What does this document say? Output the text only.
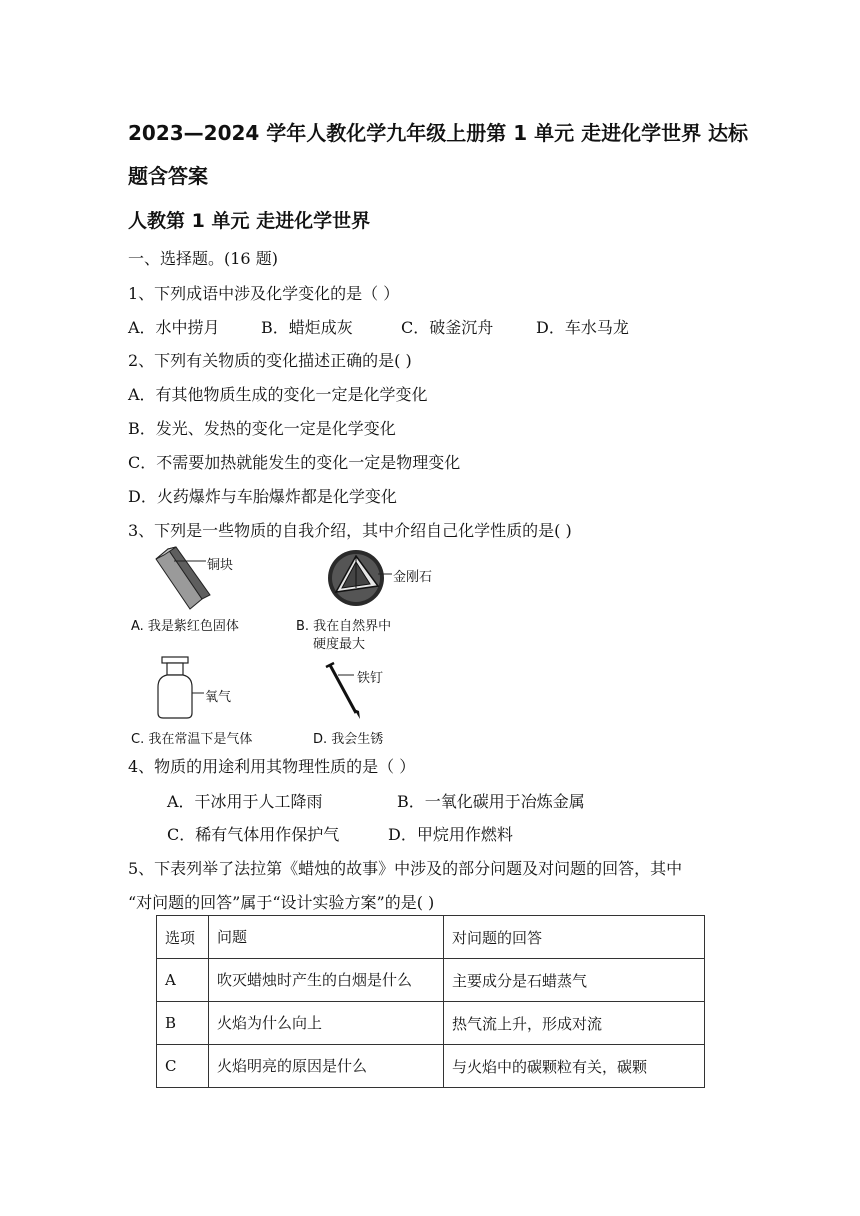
2023—2024 学年人教化学九年级上册第 1 单元 走进化学世界 达标
题含答案
人教第 1 单元 走进化学世界
一、选择题。(16 题)
1、下列成语中涉及化学变化的是（ ）
A．水中捞月	B．蜡炬成灰	C．破釜沉舟	D．车水马龙
2、下列有关物质的变化描述正确的是( )
A．有其他物质生成的变化一定是化学变化
B．发光、发热的变化一定是化学变化
C．不需要加热就能发生的变化一定是物理变化
D．火药爆炸与车胎爆炸都是化学变化
3、下列是一些物质的自我介绍，其中介绍自己化学性质的是( )
铜块
A. 我是紫红色固体
金刚石
B. 我在自然界中
硬度最大
氧气
C. 我在常温下是气体
铁钉
D. 我会生锈
4、物质的用途利用其物理性质的是（ ）
A．干冰用于人工降雨	B．一氧化碳用于冶炼金属
C．稀有气体用作保护气	D．甲烷用作燃料
5、下表列举了法拉第《蜡烛的故事》中涉及的部分问题及对问题的回答，其中
“对问题的回答”属于“设计实验方案”的是( )
选项	问题	对问题的回答
A	吹灭蜡烛时产生的白烟是什么	主要成分是石蜡蒸气
B	火焰为什么向上	热气流上升，形成对流
C	火焰明亮的原因是什么	与火焰中的碳颗粒有关，碳颗
